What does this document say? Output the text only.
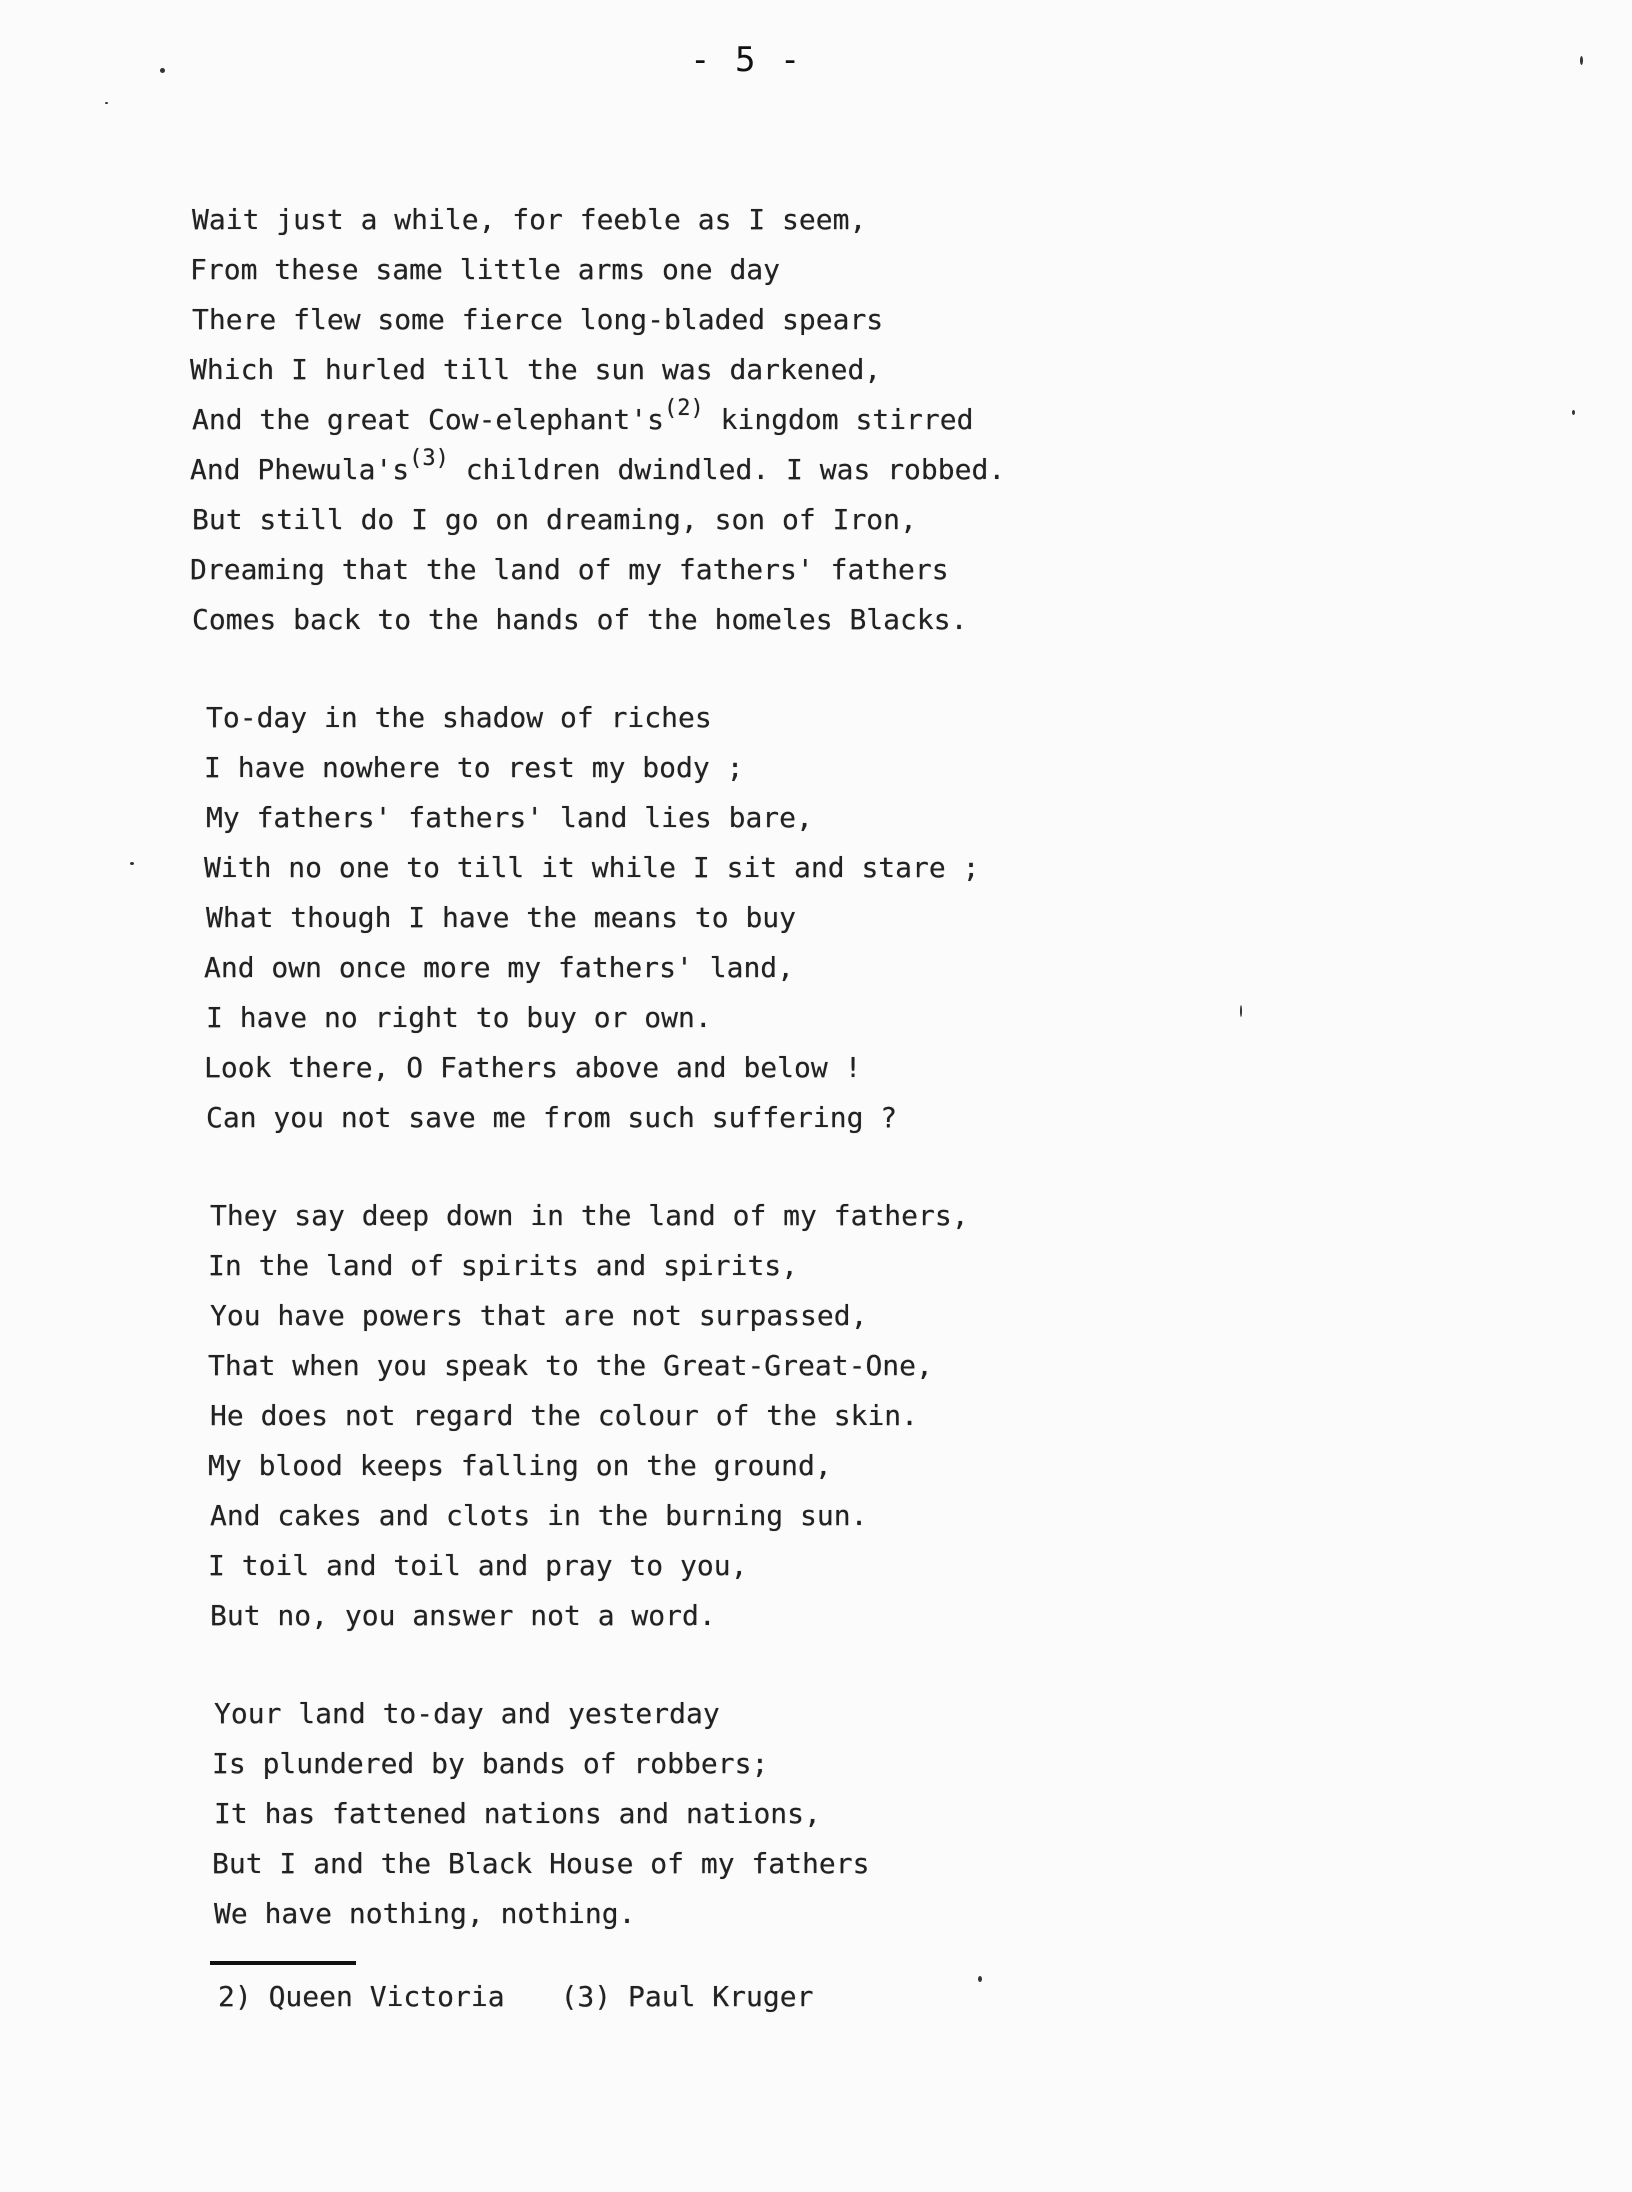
- 5 -
Wait just a while, for feeble as I seem,
From these same little arms one day
There flew some fierce long-bladed spears
Which I hurled till the sun was darkened,
And the great Cow-$elephant's^{(2)}$ kingdom stirred
And $Phewula's^{(3)}$ children dwindled. I was robbed.
But still do I go on dreaming, son of Iron,
Dreaming that the land of my fathers' fathers
Comes back to the hands of the homeles Blacks.
To-day in the shadow of riches
I have nowhere to rest my body ;
My fathers' fathers' land lies bare,
With no one to till it while I sit and stare ;
What though I have the means to buy
And own once more my fathers' land,
I have no right to buy or own.
Look there, O Fathers above and below !
Can you not save me from such suffering ?
They say deep down in the land of my fathers,
In the land of spirits and spirits,
You have powers that are not surpassed,
That when you speak to the Great-Great-One,
He does not regard the colour of the skin.
My blood keeps falling on the ground,
And cakes and clots in the burning sun.
I toil and toil and pray to you,
But no, you answer not a word.
Your land to-day and yesterday
Is plundered by bands of robbers;
It has fattened nations and nations,
But I and the Black House of my fathers
We have nothing, nothing.
2) Queen Victoria (3) Paul Kruger
